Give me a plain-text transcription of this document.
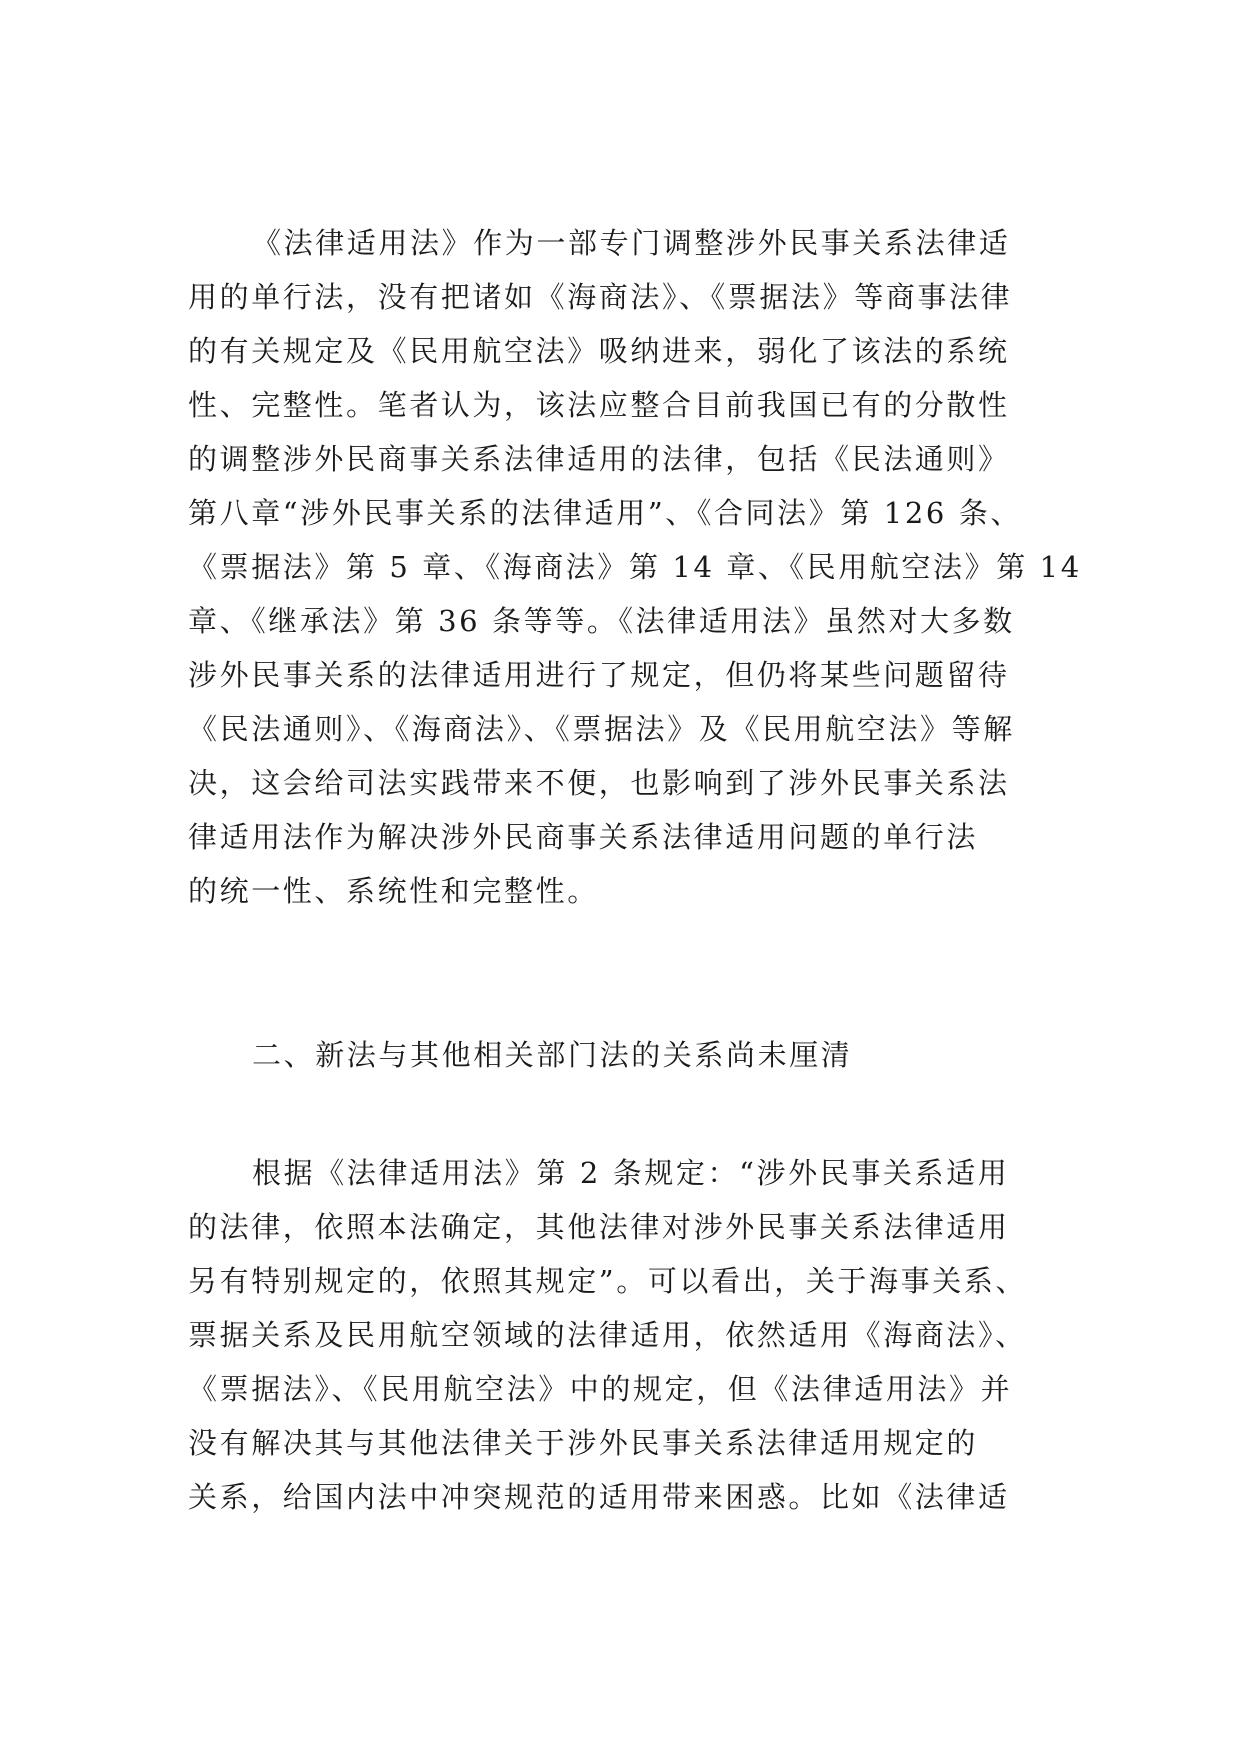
《法律适用法》作为一部专门调整涉外民事关系法律适
用的单行法，没有把诸如《海商法》、《票据法》等商事法律
的有关规定及《民用航空法》吸纳进来，弱化了该法的系统
性、完整性。笔者认为，该法应整合目前我国已有的分散性
的调整涉外民商事关系法律适用的法律，包括《民法通则》
第八章“涉外民事关系的法律适用”、《合同法》第 126 条、
《票据法》第 5 章、《海商法》第 14 章、《民用航空法》第 14
章、《继承法》第 36 条等等。《法律适用法》虽然对大多数
涉外民事关系的法律适用进行了规定，但仍将某些问题留待
《民法通则》、《海商法》、《票据法》及《民用航空法》等解
决，这会给司法实践带来不便，也影响到了涉外民事关系法
律适用法作为解决涉外民商事关系法律适用问题的单行法
的统一性、系统性和完整性。
二、新法与其他相关部门法的关系尚未厘清
根据《法律适用法》第 2 条规定：“涉外民事关系适用
的法律，依照本法确定，其他法律对涉外民事关系法律适用
另有特别规定的，依照其规定”。可以看出，关于海事关系、
票据关系及民用航空领域的法律适用，依然适用《海商法》、
《票据法》、《民用航空法》中的规定，但《法律适用法》并
没有解决其与其他法律关于涉外民事关系法律适用规定的
关系，给国内法中冲突规范的适用带来困惑。比如《法律适
